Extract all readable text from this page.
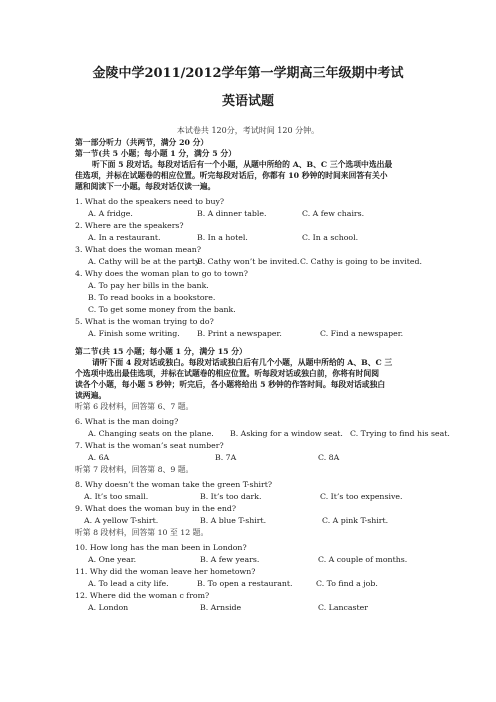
金陵中学2011/2012学年第一学期高三年级期中考试
英语试题
本试卷共 120分，考试时间 120 分钟。
第一部分听力（共两节，满分 20 分）
第一节(共 5 小题；每小题 1 分，满分 5 分）
听下面 5 段对话。每段对话后有一个小题，从题中所给的 A、B、C 三个选项中选出最
佳选项，并标在试题卷的相应位置。听完每段对话后，你都有 10 秒钟的时间来回答有关小
题和阅读下一小题。每段对话仅读一遍。
1. What do the speakers need to buy?
A. A fridge.	B. A dinner table.	C. A few chairs.
2. Where are the speakers?
A. In a restaurant.	B. In a hotel.	C. In a school.
3. What does the woman mean?
A. Cathy will be at the party.
B. Cathy won’t be invited. C. Cathy is going to be invited.
4. Why does the woman plan to go to town?
A. To pay her bills in the bank.
B. To read books in a bookstore.
C. To get some money from the bank.
5. What is the woman trying to do?
A. Finish some writing. B. Print a newspaper.	C. Find a newspaper.
第二节(共 15 小题；每小题 1 分，满分 15 分）
请听下面 4 段对话或独白。每段对话或独白后有几个小题，从题中所给的 A、B、C 三
个选项中选出最佳选项，并标在试题卷的相应位置。听每段对话或独白前，你将有时间阅
读各个小题，每小题 5 秒钟；听完后，各小题将给出 5 秒钟的作答时间。每段对话或独白
读两遍。
听第 6 段材料，回答第 6、7 题。
6. What is the man doing?
A. Changing seats on the plane. B. Asking for a window seat. C. Trying to find his seat.
7. What is the woman’s seat number?
A. 6A	B. 7A	C. 8A
听第 7 段材料，回答第 8、9 题。
8. Why doesn’t the woman take the green T-shirt?
A. It’s too small.	B. It’s too dark.	C. It’s too expensive.
9. What does the woman buy in the end?
A. A yellow T-shirt.	B. A blue T-shirt.	C. A pink T-shirt.
听第 8 段材料，回答第 10 至 12 题。
10. How long has the man been in London?
A. One year.	B. A few years.	C. A couple of months.
11. Why did the woman leave her hometown?
A. To lead a city life.	B. To open a restaurant.	C. To find a job.
12. Where did the woman c from?
A. London	B. Arnside	C. Lancaster
